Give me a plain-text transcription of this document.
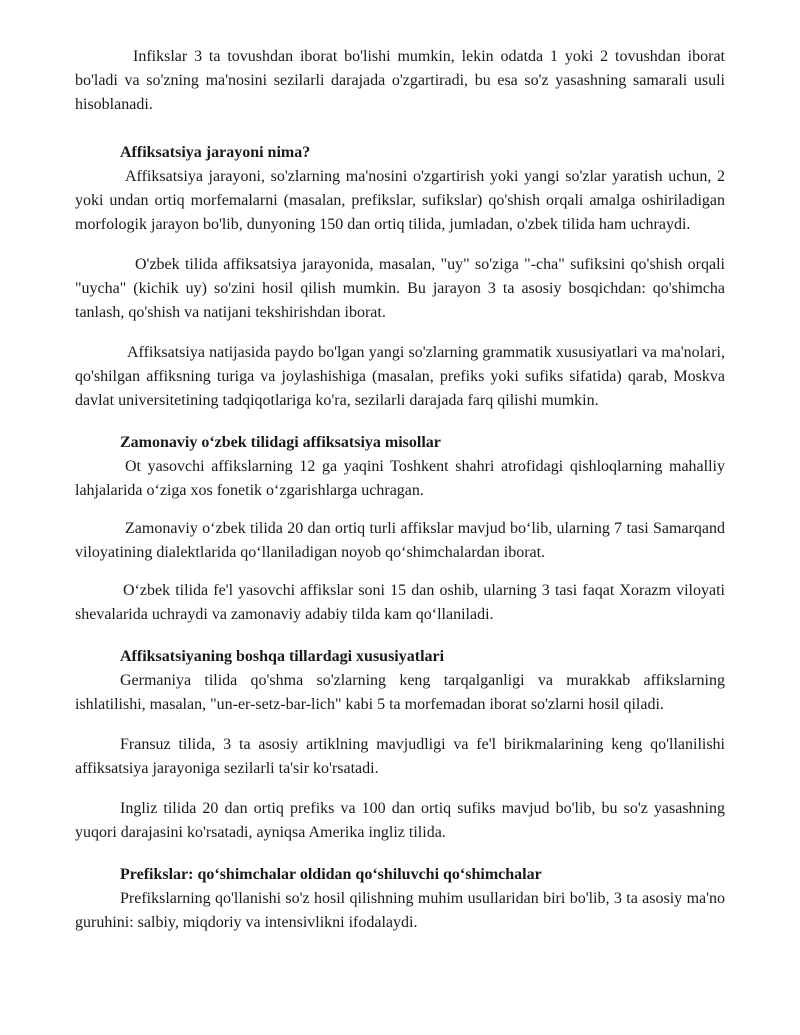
Infikslar 3 ta tovushdan iborat bo'lishi mumkin, lekin odatda 1 yoki 2 tovushdan iborat bo'ladi va so'zning ma'nosini sezilarli darajada o'zgartiradi, bu esa so'z yasashning samarali usuli hisoblanadi.

Affiksatsiya jarayoni nima?

Affiksatsiya jarayoni, so'zlarning ma'nosini o'zgartirish yoki yangi so'zlar yaratish uchun, 2 yoki undan ortiq morfemalarni (masalan, prefikslar, sufikslar) qo'shish orqali amalga oshiriladigan morfologik jarayon bo'lib, dunyoning 150 dan ortiq tilida, jumladan, o'zbek tilida ham uchraydi.

O'zbek tilida affiksatsiya jarayonida, masalan, "uy" so'ziga "-cha" sufiksini qo'shish orqali "uycha" (kichik uy) so'zini hosil qilish mumkin. Bu jarayon 3 ta asosiy bosqichdan: qo'shimcha tanlash, qo'shish va natijani tekshirishdan iborat.

Affiksatsiya natijasida paydo bo'lgan yangi so'zlarning grammatik xususiyatlari va ma'nolari, qo'shilgan affiksning turiga va joylashishiga (masalan, prefiks yoki sufiks sifatida) qarab, Moskva davlat universitetining tadqiqotlariga ko'ra, sezilarli darajada farq qilishi mumkin.

Zamonaviy o‘zbek tilidagi affiksatsiya misollar

Ot yasovchi affikslarning 12 ga yaqini Toshkent shahri atrofidagi qishloqlarning mahalliy lahjalarida o‘ziga xos fonetik o‘zgarishlarga uchragan.

Zamonaviy o‘zbek tilida 20 dan ortiq turli affikslar mavjud bo‘lib, ularning 7 tasi Samarqand viloyatining dialektlarida qo‘llaniladigan noyob qo‘shimchalardan iborat.

O‘zbek tilida fe'l yasovchi affikslar soni 15 dan oshib, ularning 3 tasi faqat Xorazm viloyati shevalarida uchraydi va zamonaviy adabiy tilda kam qo‘llaniladi.

Affiksatsiyaning boshqa tillardagi xususiyatlari

Germaniya tilida qo'shma so'zlarning keng tarqalganligi va murakkab affikslarning ishlatilishi, masalan, "un-er-setz-bar-lich" kabi 5 ta morfemadan iborat so'zlarni hosil qiladi.

Fransuz tilida, 3 ta asosiy artiklning mavjudligi va fe'l birikmalarining keng qo'llanilishi affiksatsiya jarayoniga sezilarli ta'sir ko'rsatadi.

Ingliz tilida 20 dan ortiq prefiks va 100 dan ortiq sufiks mavjud bo'lib, bu so'z yasashning yuqori darajasini ko'rsatadi, ayniqsa Amerika ingliz tilida.

Prefikslar: qo‘shimchalar oldidan qo‘shiluvchi qo‘shimchalar

Prefikslarning qo'llanishi so'z hosil qilishning muhim usullaridan biri bo'lib, 3 ta asosiy ma'no guruhini: salbiy, miqdoriy va intensivlikni ifodalaydi.
